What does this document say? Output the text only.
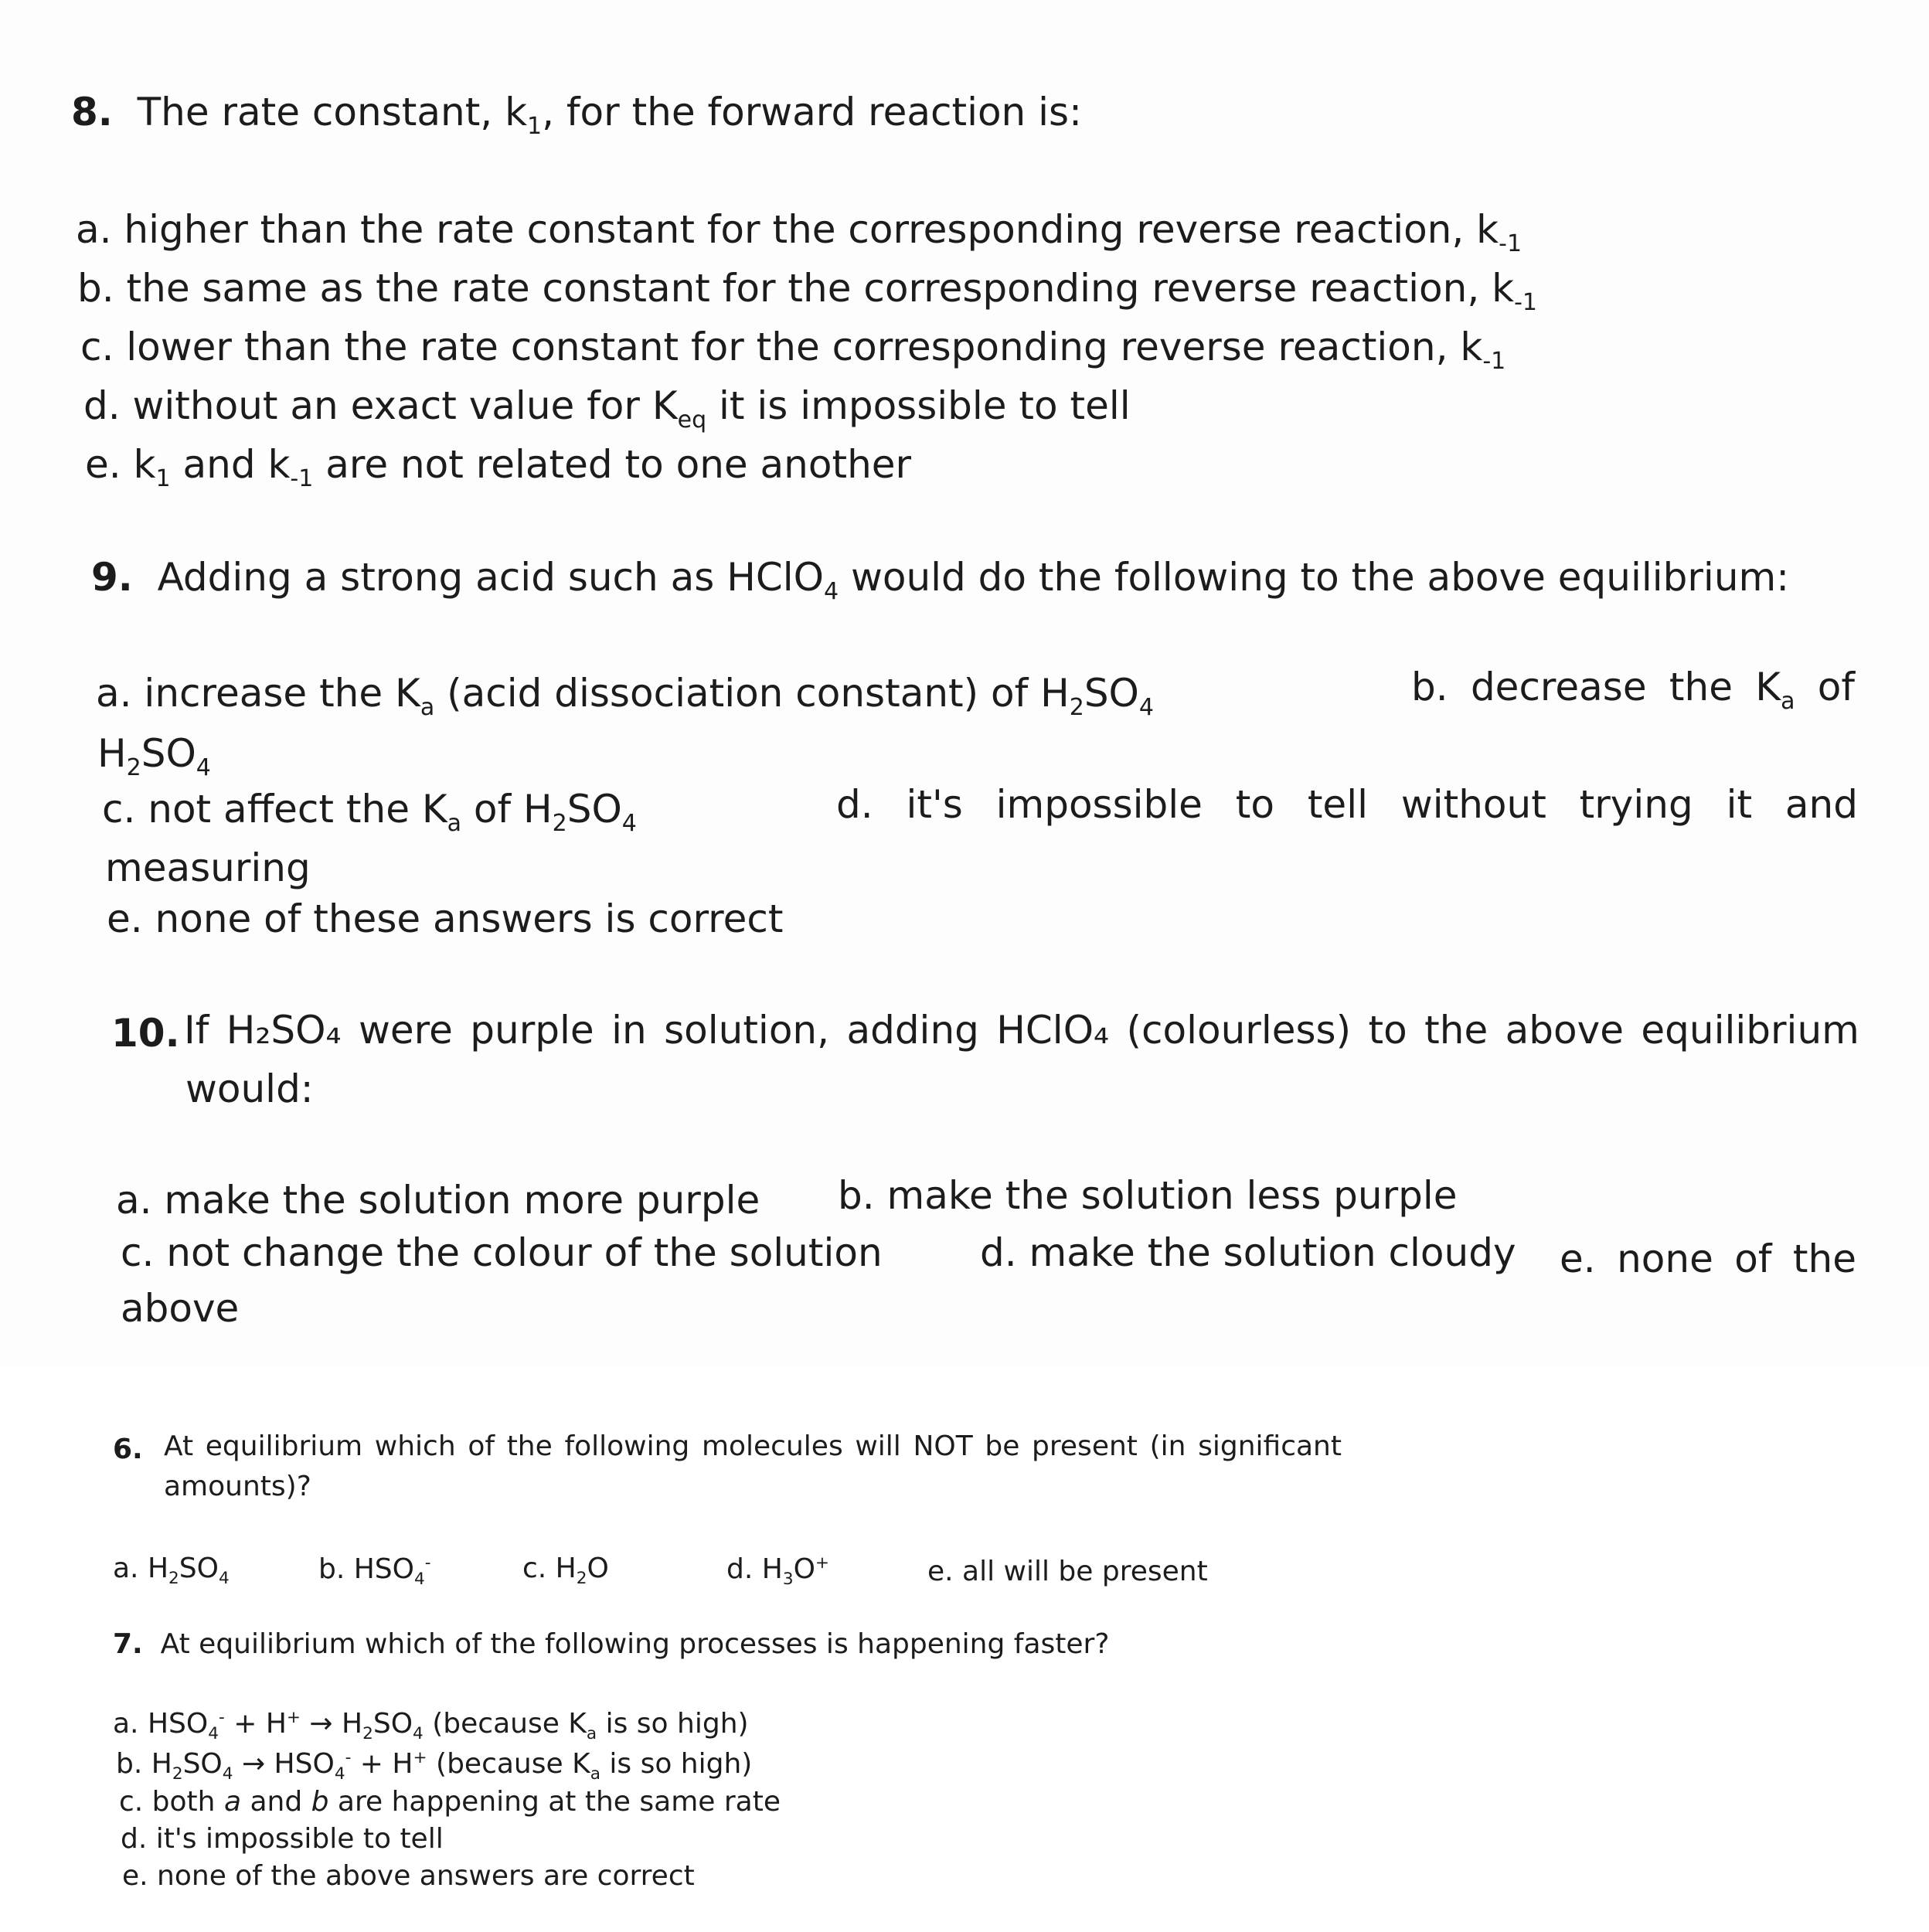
8. The rate constant, $k_1$, for the forward reaction is:
a. higher than the rate constant for the corresponding reverse reaction, $k_{-1}$
b. the same as the rate constant for the corresponding reverse reaction, $k_{-1}$
c. lower than the rate constant for the corresponding reverse reaction, $k_{-1}$
d. without an exact value for $K_{eq}$ it is impossible to tell
e. $k_1$ and $k_{-1}$ are not related to one another
9. Adding a strong acid such as HClO$_4$ would do the following to the above equilibrium:
a. increase the $K_a$ (acid dissociation constant) of $H_2SO_4$	b. decrease the $K_a$ of
$H_2SO_4$
c. not affect the $K_a$ of $H_2SO_4$	d. it's impossible to tell without trying it and
measuring
e. none of these answers is correct
10. If H₂SO₄ were purple in solution, adding HClO₄ (colourless) to the above equilibrium
would:
a. make the solution more purple b. make the solution less purple
c. not change the colour of the solution	d. make the solution cloudy e. none of the
above
6. At equilibrium which of the following molecules will NOT be present (in significant
amounts)?
a. $H_2SO_4$	b. $HSO_4^-$	c. $H_2O$	d. $H_3O^+$	e. all will be present
7. At equilibrium which of the following processes is happening faster?
a. $HSO_4^- + H^+ \to H_2SO_4$ (because $K_a$ is so high)
b. $H_2SO_4 \to HSO_4^- + H^+$ (because $K_a$ is so high)
c. both a and b are happening at the same rate
d. it's impossible to tell
e. none of the above answers are correct
